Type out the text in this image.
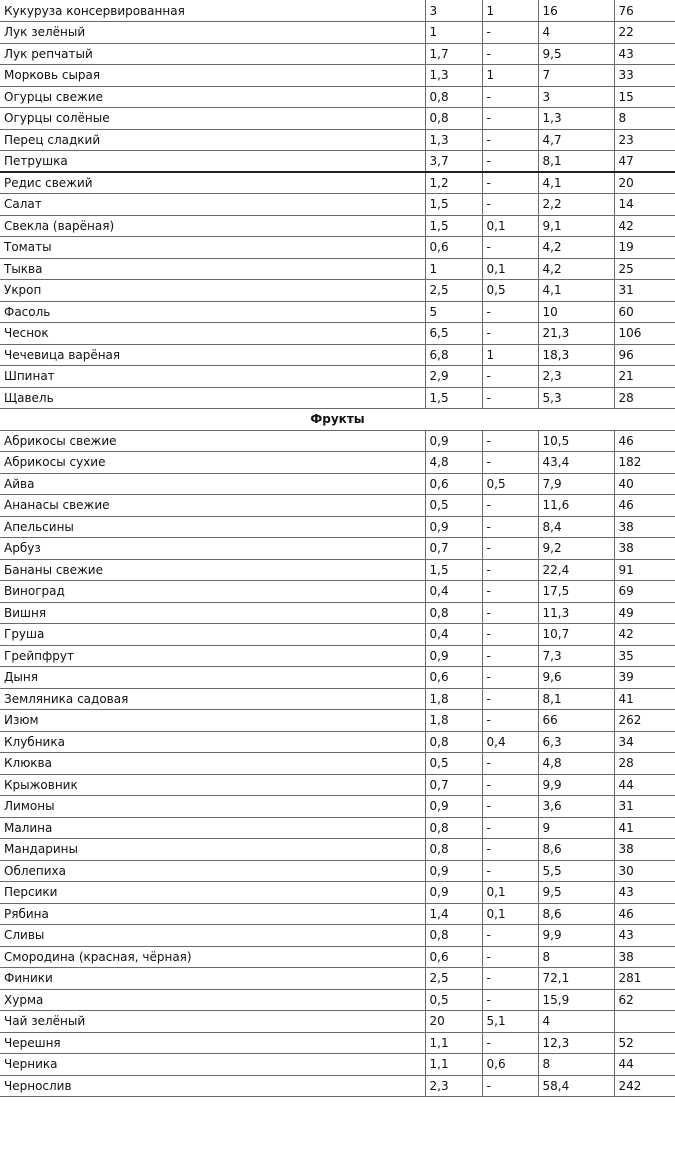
Кукуруза консервированная	3	1	16	76
Лук зелёный	1	-	4	22
Лук репчатый	1,7	-	9,5	43
Морковь сырая	1,3	1	7	33
Огурцы свежие	0,8	-	3	15
Огурцы солёные	0,8	-	1,3	8
Перец сладкий	1,3	-	4,7	23
Петрушка	3,7	-	8,1	47
Редис свежий	1,2	-	4,1	20
Салат	1,5	-	2,2	14
Свекла (варёная)	1,5	0,1	9,1	42
Томаты	0,6	-	4,2	19
Тыква	1	0,1	4,2	25
Укроп	2,5	0,5	4,1	31
Фасоль	5	-	10	60
Чеснок	6,5	-	21,3	106
Чечевица варёная	6,8	1	18,3	96
Шпинат	2,9	-	2,3	21
Щавель	1,5	-	5,3	28
Фрукты				
Абрикосы свежие	0,9	-	10,5	46
Абрикосы сухие	4,8	-	43,4	182
Айва	0,6	0,5	7,9	40
Ананасы свежие	0,5	-	11,6	46
Апельсины	0,9	-	8,4	38
Арбуз	0,7	-	9,2	38
Бананы свежие	1,5	-	22,4	91
Виноград	0,4	-	17,5	69
Вишня	0,8	-	11,3	49
Груша	0,4	-	10,7	42
Грейпфрут	0,9	-	7,3	35
Дыня	0,6	-	9,6	39
Земляника садовая	1,8	-	8,1	41
Изюм	1,8	-	66	262
Клубника	0,8	0,4	6,3	34
Клюква	0,5	-	4,8	28
Крыжовник	0,7	-	9,9	44
Лимоны	0,9	-	3,6	31
Малина	0,8	-	9	41
Мандарины	0,8	-	8,6	38
Облепиха	0,9	-	5,5	30
Персики	0,9	0,1	9,5	43
Рябина	1,4	0,1	8,6	46
Сливы	0,8	-	9,9	43
Смородина (красная, чёрная)	0,6	-	8	38
Финики	2,5	-	72,1	281
Хурма	0,5	-	15,9	62
Чай зелёный	20	5,1	4	
Черешня	1,1	-	12,3	52
Черника	1,1	0,6	8	44
Чернослив	2,3	-	58,4	242
